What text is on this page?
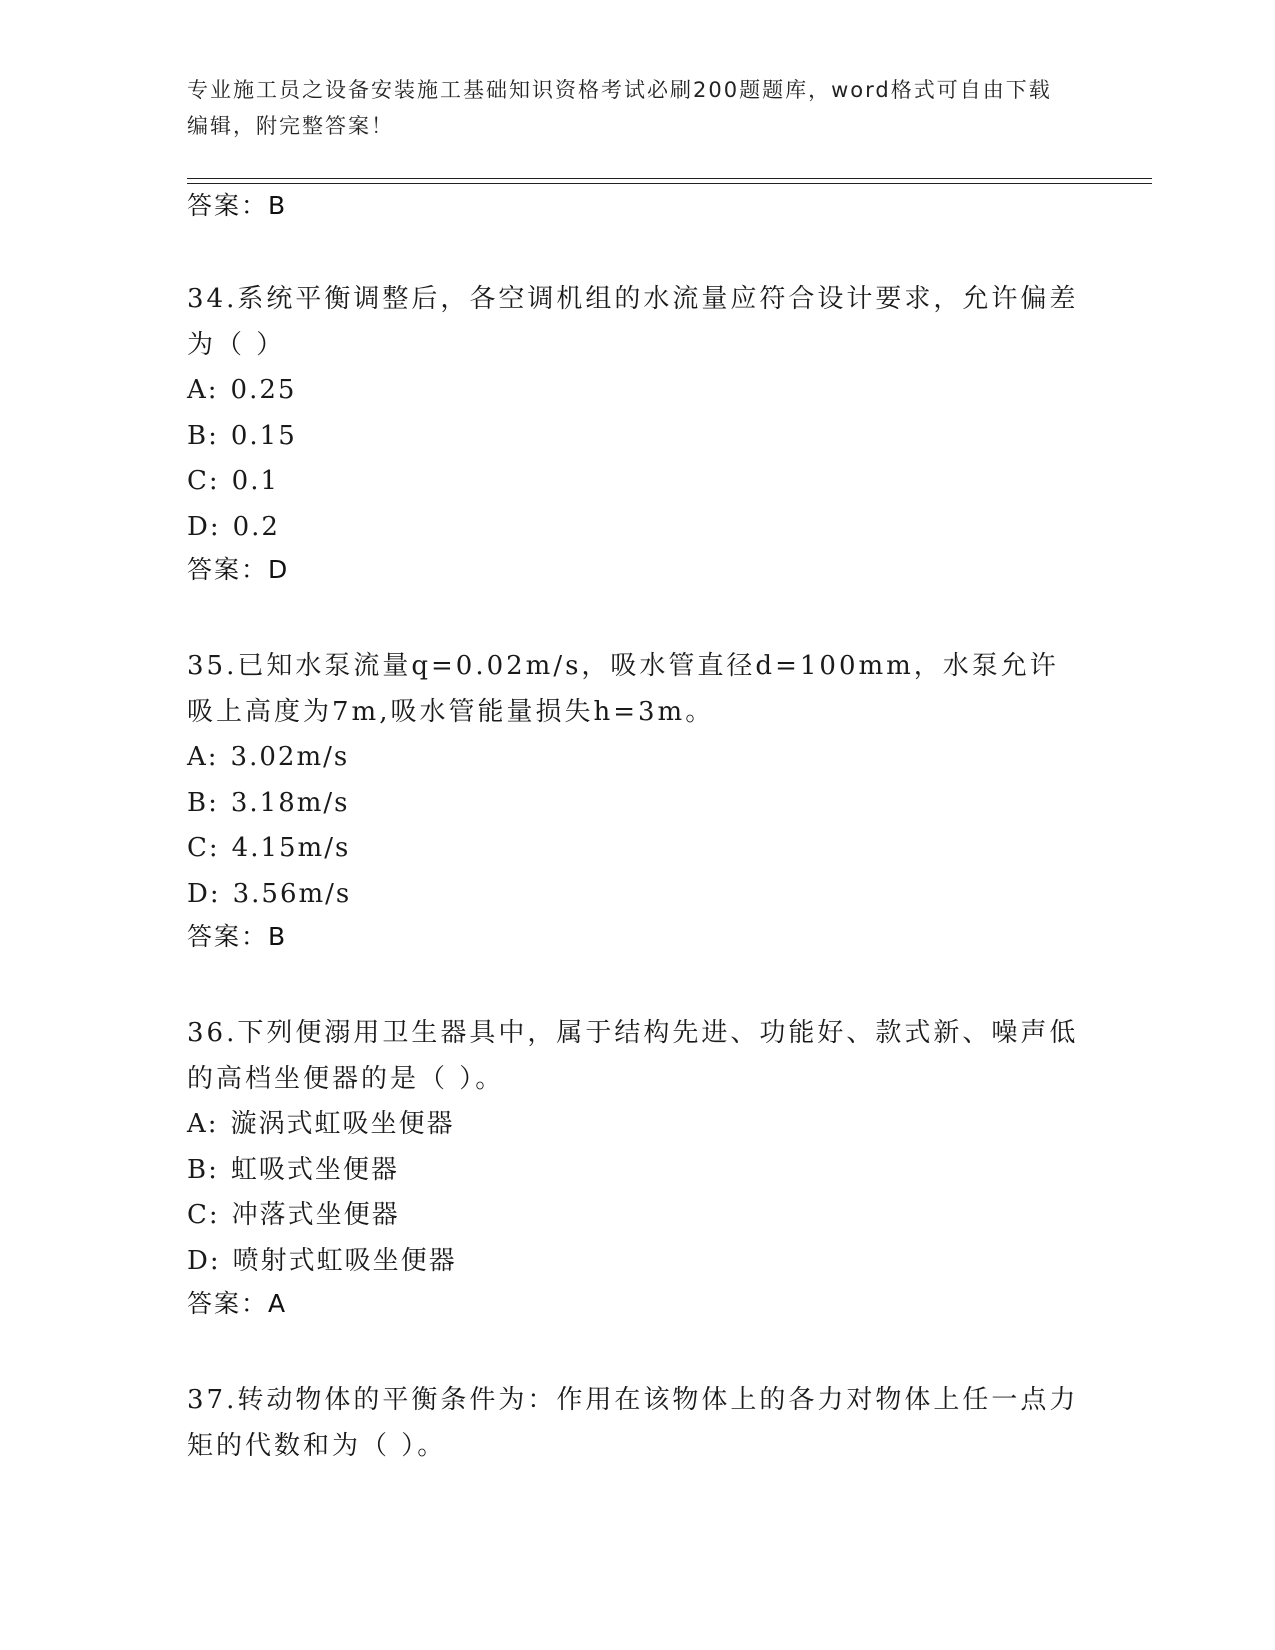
专业施工员之设备安装施工基础知识资格考试必刷200题题库，word格式可自由下载编辑，附完整答案！
答案：B
34.系统平衡调整后，各空调机组的水流量应符合设计要求，允许偏差为（ ）
A: 0.25
B: 0.15
C: 0.1
D: 0.2
答案：D
35.已知水泵流量q=0.02m/s，吸水管直径d=100mm，水泵允许吸上高度为7m,吸水管能量损失h=3m。
A: 3.02m/s
B: 3.18m/s
C: 4.15m/s
D: 3.56m/s
答案：B
36.下列便溺用卫生器具中，属于结构先进、功能好、款式新、噪声低的高档坐便器的是（ ）。
A: 漩涡式虹吸坐便器
B: 虹吸式坐便器
C: 冲落式坐便器
D: 喷射式虹吸坐便器
答案：A
37.转动物体的平衡条件为：作用在该物体上的各力对物体上任一点力矩的代数和为（ ）。
